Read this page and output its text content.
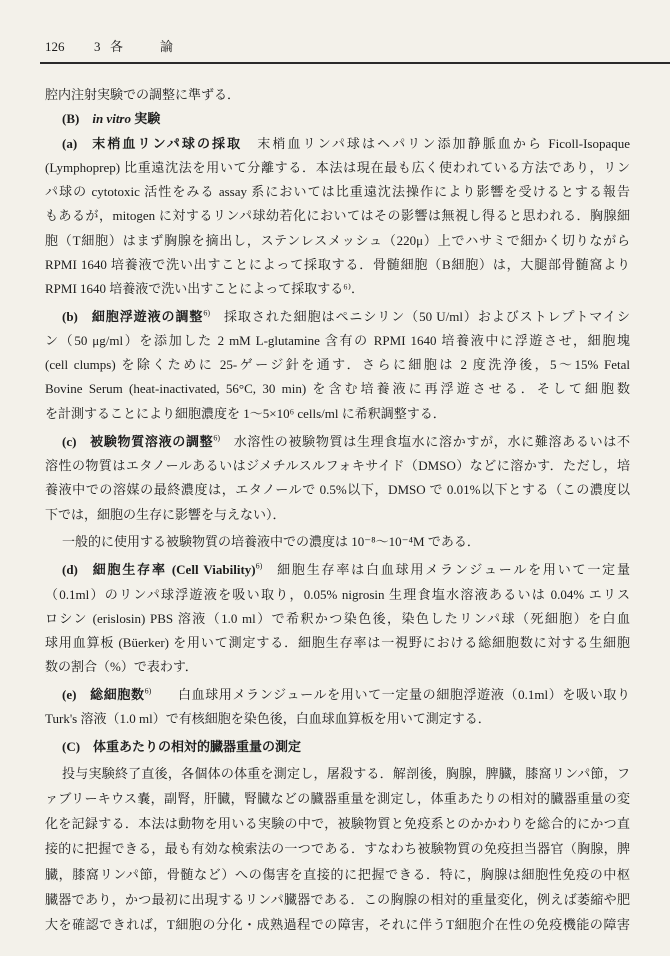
126 3 各　論
腔内注射実験での調整に準ずる．
(B) in vitro 実験
(a) 末梢血リンパ球の採取 末梢血リンパ球はヘパリン添加静脈血から Ficoll-Isopaque
(Lymphoprep) 比重遠沈法を用いて分離する．本法は現在最も広く使われている方法であり，リン
パ球の cytotoxic 活性をみる assay 系においては比重遠沈法操作により影響を受けるとする報告
もあるが，mitogen に対するリンパ球幼若化においてはその影響は無視し得ると思われる．胸腺細
胞（T細胞）はまず胸腺を摘出し，ステンレスメッシュ（220μ）上でハサミで細かく切りながら
RPMI 1640 培養液で洗い出すことによって採取する．骨髄細胞（B細胞）は，大腿部骨髄窩より
RPMI 1640 培養液で洗い出すことによって採取する⁶⁾．
(b) 細胞浮遊液の調整$^{6)}$ 採取された細胞はペニシリン（50 U/ml）およびストレプトマイシ
ン（50 μg/ml）を添加した 2 mM L-glutamine 含有の RPMI 1640 培養液中に浮遊させ，細胞塊
(cell clumps) を除くために 25-ゲージ針を通す．さらに細胞は 2 度洗浄後，5〜15% Fetal
Bovine Serum (heat-inactivated, 56°C, 30 min) を含む培養液に再浮遊させる．そして細胞数
を計測することにより細胞濃度を 1〜5×10⁶ cells/ml に希釈調整する．
(c) 被験物質溶液の調整$^{6)}$ 水溶性の被験物質は生理食塩水に溶かすが，水に難溶あるいは不
溶性の物質はエタノールあるいはジメチルスルフォキサイド（DMSO）などに溶かす．ただし，培
養液中での溶媒の最終濃度は，エタノールで 0.5%以下，DMSO で 0.01%以下とする（この濃度以
下では，細胞の生存に影響を与えない）．
一般的に使用する被験物質の培養液中での濃度は 10⁻⁸〜10⁻⁴M である．
(d) 細胞生存率 (Cell Viability)$^{6)}$ 細胞生存率は白血球用メランジュールを用いて一定量
（0.1ml）のリンパ球浮遊液を吸い取り，0.05% nigrosin 生理食塩水溶液あるいは 0.04% エリス
ロシン (erislosin) PBS 溶液（1.0 ml）で希釈かつ染色後，染色したリンパ球（死細胞）を白血
球用血算板 (Büerker) を用いて測定する．細胞生存率は一視野における総細胞数に対する生細胞
数の割合（%）で表わす．
(e) 総細胞数$^{6)}$ 白血球用メランジュールを用いて一定量の細胞浮遊液（0.1ml）を吸い取り
Turk's 溶液（1.0 ml）で有核細胞を染色後，白血球血算板を用いて測定する．
(C) 体重あたりの相対的臓器重量の測定
投与実験終了直後，各個体の体重を測定し，屠殺する．解剖後，胸腺，脾臓，膝窩リンパ節，フ
ァブリーキウス嚢，副腎，肝臓，腎臓などの臓器重量を測定し，体重あたりの相対的臓器重量の変
化を記録する．本法は動物を用いる実験の中で，被験物質と免疫系とのかかわりを総合的にかつ直
接的に把握できる，最も有効な検索法の一つである．すなわち被験物質の免疫担当器官（胸腺，脾
臓，膝窩リンパ節，骨髄など）への傷害を直接的に把握できる．特に，胸腺は細胞性免疫の中枢
臓器であり，かつ最初に出現するリンパ臓器である．この胸腺の相対的重量変化，例えば萎縮や肥
大を確認できれば，T細胞の分化・成熟過程での障害，それに伴うT細胞介在性の免疫機能の障害
